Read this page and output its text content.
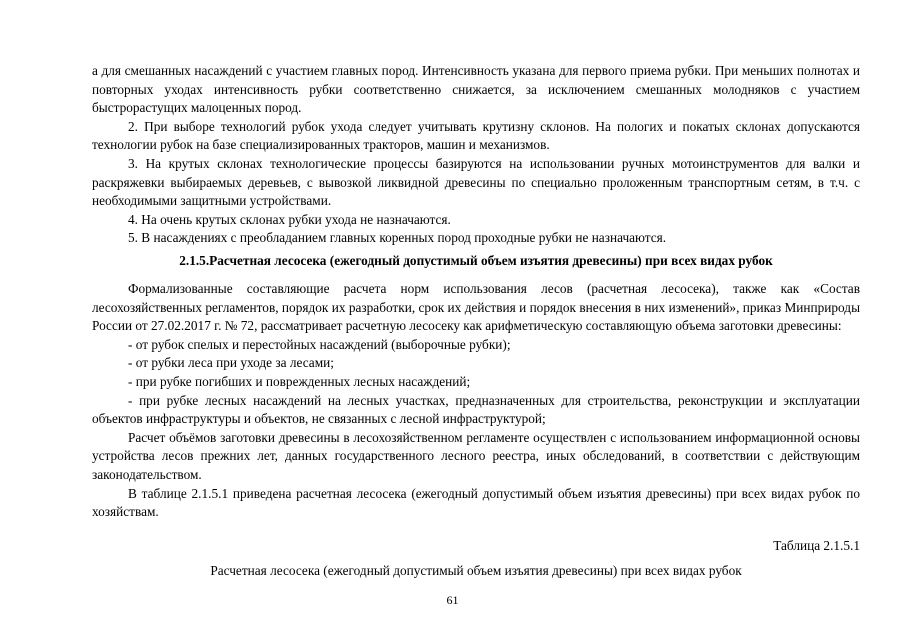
а для смешанных насаждений с участием главных пород. Интенсивность указана для первого приема рубки. При меньших полнотах и повторных уходах интенсивность рубки соответственно снижается, за исключением смешанных молодняков с участием быстрорастущих малоценных пород.

2. При выборе технологий рубок ухода следует учитывать крутизну склонов. На пологих и покатых склонах допускаются технологии рубок на базе специализированных тракторов, машин и механизмов.

3. На крутых склонах технологические процессы базируются на использовании ручных мотоинструментов для валки и раскряжевки выбираемых деревьев, с вывозкой ликвидной древесины по специально проложенным транспортным сетям, в т.ч. с необходимыми защитными устройствами.

4. На очень крутых склонах рубки ухода не назначаются.

5. В насаждениях с преобладанием главных коренных пород проходные рубки не назначаются.

2.1.5.Расчетная лесосека (ежегодный допустимый объем изъятия древесины) при всех видах рубок

Формализованные составляющие расчета норм использования лесов (расчетная лесосека), также как «Состав лесохозяйственных регламентов, порядок их разработки, срок их действия и порядок внесения в них изменений», приказ Минприроды России от 27.02.2017 г. № 72, рассматривает расчетную лесосеку как арифметическую составляющую объема заготовки древесины:

- от рубок спелых и перестойных насаждений (выборочные рубки);

- от рубки леса при уходе за лесами;

- при рубке погибших и поврежденных лесных насаждений;

- при рубке лесных насаждений на лесных участках, предназначенных для строительства, реконструкции и эксплуатации объектов инфраструктуры и объектов, не связанных с лесной инфраструктурой;

Расчет объёмов заготовки древесины в лесохозяйственном регламенте осуществлен с использованием информационной основы устройства лесов прежних лет, данных государственного лесного реестра, иных обследований, в соответствии с действующим законодательством.

В таблице 2.1.5.1 приведена расчетная лесосека (ежегодный допустимый объем изъятия древесины) при всех видах рубок по хозяйствам.

Таблица 2.1.5.1

Расчетная лесосека (ежегодный допустимый объем изъятия древесины) при всех видах рубок

61
